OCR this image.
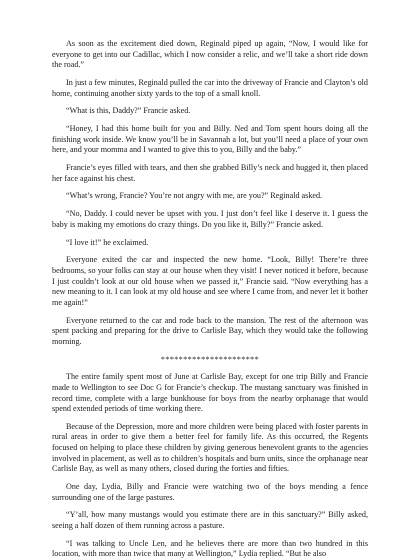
As soon as the excitement died down, Reginald piped up again, “Now, I would like for everyone to get into our Cadillac, which I now consider a relic, and we’ll take a short ride down the road.”

In just a few minutes, Reginald pulled the car into the driveway of Francie and Clayton’s old home, continuing another sixty yards to the top of a small knoll.

“What is this, Daddy?” Francie asked.

“Honey, I had this home built for you and Billy. Ned and Tom spent hours doing all the finishing work inside. We know you’ll be in Savannah a lot, but you’ll need a place of your own here, and your momma and I wanted to give this to you, Billy and the baby.”

Francie’s eyes filled with tears, and then she grabbed Billy’s neck and hugged it, then placed her face against his chest.

“What’s wrong, Francie? You’re not angry with me, are you?” Reginald asked.

“No, Daddy. I could never be upset with you. I just don’t feel like I deserve it. I guess the baby is making my emotions do crazy things. Do you like it, Billy?” Francie asked.

“I love it!” he exclaimed.

Everyone exited the car and inspected the new home. “Look, Billy! There’re three bedrooms, so your folks can stay at our house when they visit! I never noticed it before, because I just couldn’t look at our old house when we passed it,” Francie said. “Now everything has a new meaning to it. I can look at my old house and see where I came from, and never let it bother me again!”

Everyone returned to the car and rode back to the mansion. The rest of the afternoon was spent packing and preparing for the drive to Carlisle Bay, which they would take the following morning.

**********************

The entire family spent most of June at Carlisle Bay, except for one trip Billy and Francie made to Wellington to see Doc G for Francie’s checkup. The mustang sanctuary was finished in record time, complete with a large bunkhouse for boys from the nearby orphanage that would spend extended periods of time working there.

Because of the Depression, more and more children were being placed with foster parents in rural areas in order to give them a better feel for family life. As this occurred, the Regents focused on helping to place these children by giving generous benevolent grants to the agencies involved in placement, as well as to children’s hospitals and burn units, since the orphanage near Carlisle Bay, as well as many others, closed during the forties and fifties.

One day, Lydia, Billy and Francie were watching two of the boys mending a fence surrounding one of the large pastures.

“Y’all, how many mustangs would you estimate there are in this sanctuary?” Billy asked, seeing a half dozen of them running across a pasture.

“I was talking to Uncle Len, and he believes there are more than two hundred in this location, with more than twice that many at Wellington,” Lydia replied. “But he also
